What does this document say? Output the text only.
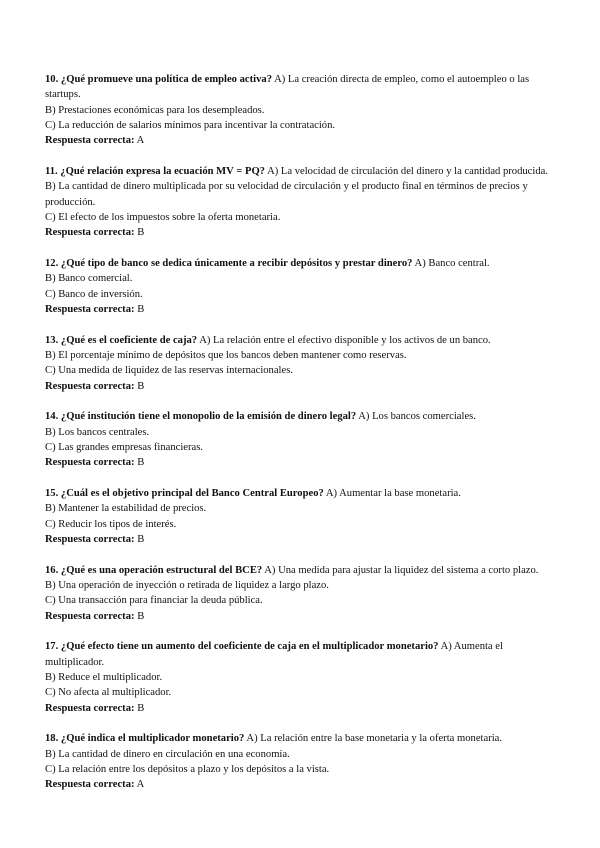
10. ¿Qué promueve una política de empleo activa? A) La creación directa de empleo, como el autoempleo o las startups.

B) Prestaciones económicas para los desempleados.

C) La reducción de salarios mínimos para incentivar la contratación.

Respuesta correcta: A

11. ¿Qué relación expresa la ecuación MV = PQ? A) La velocidad de circulación del dinero y la cantidad producida.

B) La cantidad de dinero multiplicada por su velocidad de circulación y el producto final en términos de precios y producción.

C) El efecto de los impuestos sobre la oferta monetaria.

Respuesta correcta: B

12. ¿Qué tipo de banco se dedica únicamente a recibir depósitos y prestar dinero? A) Banco central.

B) Banco comercial.

C) Banco de inversión.

Respuesta correcta: B

13. ¿Qué es el coeficiente de caja? A) La relación entre el efectivo disponible y los activos de un banco.

B) El porcentaje mínimo de depósitos que los bancos deben mantener como reservas.

C) Una medida de liquidez de las reservas internacionales.

Respuesta correcta: B

14. ¿Qué institución tiene el monopolio de la emisión de dinero legal? A) Los bancos comerciales.

B) Los bancos centrales.

C) Las grandes empresas financieras.

Respuesta correcta: B

15. ¿Cuál es el objetivo principal del Banco Central Europeo? A) Aumentar la base monetaria.

B) Mantener la estabilidad de precios.

C) Reducir los tipos de interés.

Respuesta correcta: B

16. ¿Qué es una operación estructural del BCE? A) Una medida para ajustar la liquidez del sistema a corto plazo.

B) Una operación de inyección o retirada de liquidez a largo plazo.

C) Una transacción para financiar la deuda pública.

Respuesta correcta: B

17. ¿Qué efecto tiene un aumento del coeficiente de caja en el multiplicador monetario? A) Aumenta el multiplicador.

B) Reduce el multiplicador.

C) No afecta al multiplicador.

Respuesta correcta: B

18. ¿Qué indica el multiplicador monetario? A) La relación entre la base monetaria y la oferta monetaria.

B) La cantidad de dinero en circulación en una economía.

C) La relación entre los depósitos a plazo y los depósitos a la vista.

Respuesta correcta: A
